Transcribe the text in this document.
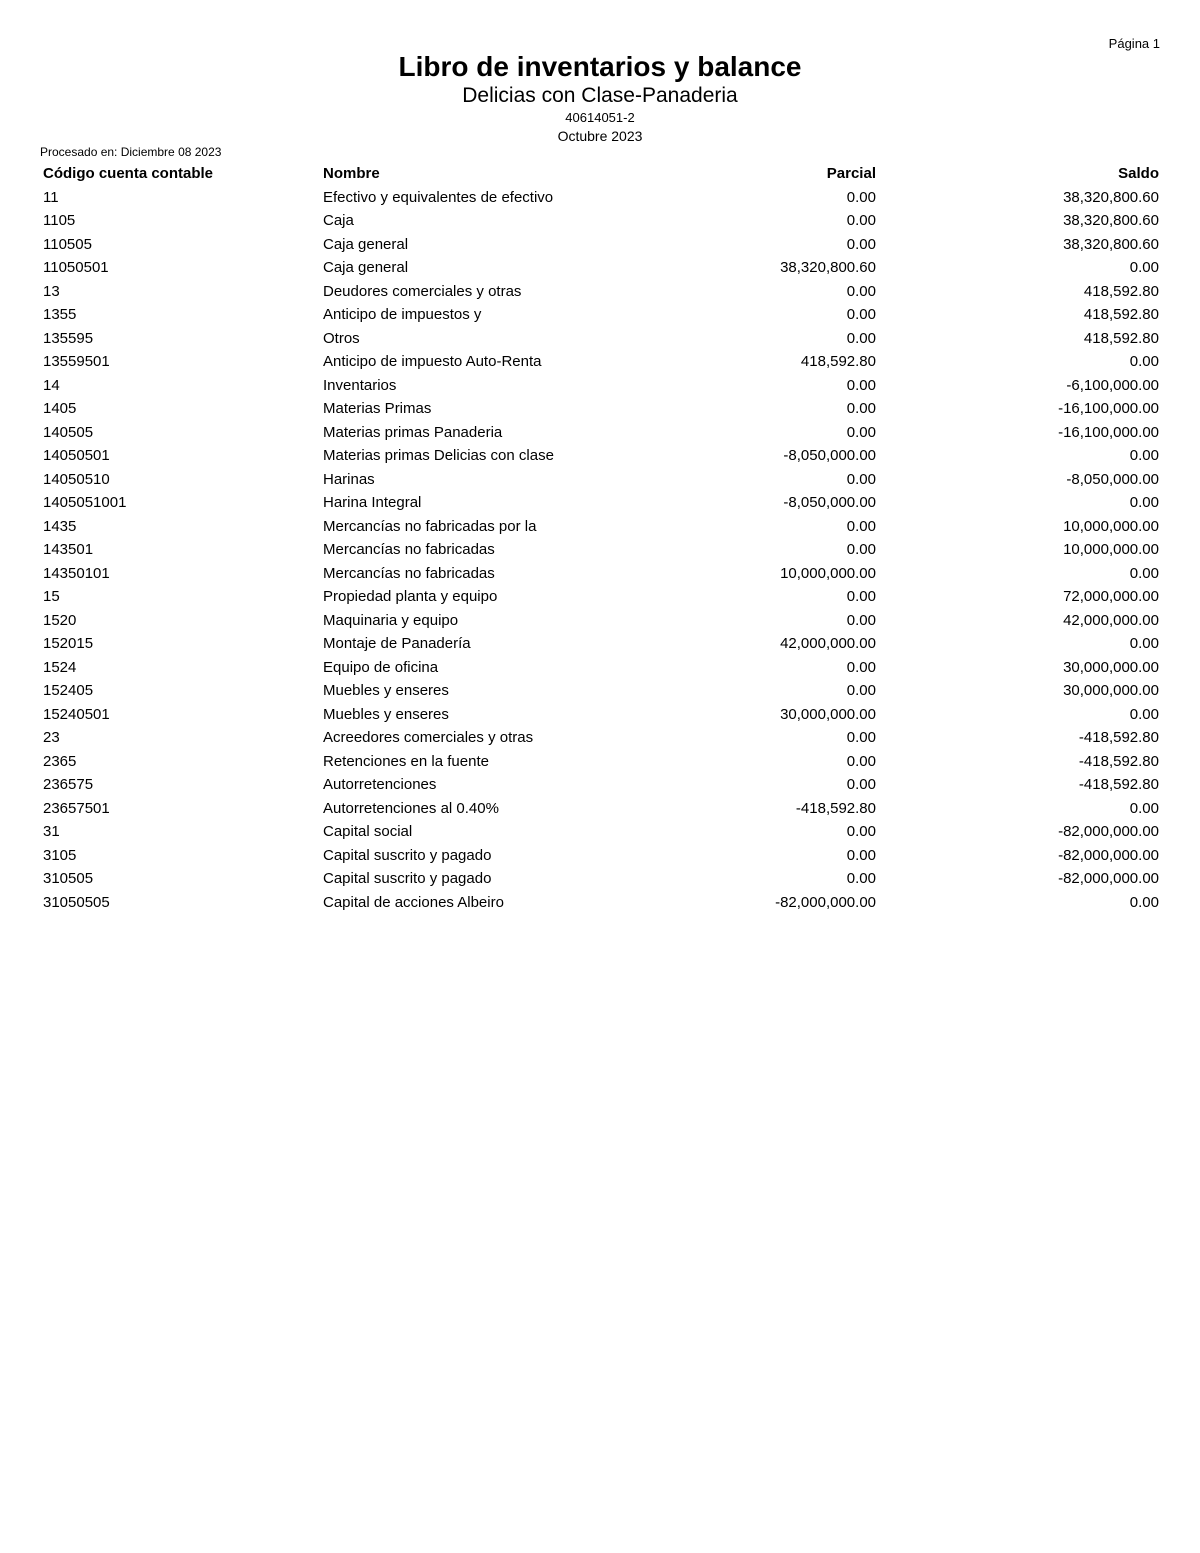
Página 1
Libro de inventarios y balance
Delicias con Clase-Panaderia
40614051-2
Octubre 2023
Procesado en: Diciembre 08 2023
Código cuenta contable	Nombre	Parcial	Saldo
11	Efectivo y equivalentes de efectivo	0.00	38,320,800.60
1105	Caja	0.00	38,320,800.60
110505	Caja general	0.00	38,320,800.60
11050501	Caja general	38,320,800.60	0.00
13	Deudores comerciales y otras	0.00	418,592.80
1355	Anticipo de impuestos y	0.00	418,592.80
135595	Otros	0.00	418,592.80
13559501	Anticipo de impuesto Auto-Renta	418,592.80	0.00
14	Inventarios	0.00	-6,100,000.00
1405	Materias Primas	0.00	-16,100,000.00
140505	Materias primas Panaderia	0.00	-16,100,000.00
14050501	Materias primas Delicias con clase	-8,050,000.00	0.00
14050510	Harinas	0.00	-8,050,000.00
1405051001	Harina Integral	-8,050,000.00	0.00
1435	Mercancías no fabricadas por la	0.00	10,000,000.00
143501	Mercancías no fabricadas	0.00	10,000,000.00
14350101	Mercancías no fabricadas	10,000,000.00	0.00
15	Propiedad planta y equipo	0.00	72,000,000.00
1520	Maquinaria y equipo	0.00	42,000,000.00
152015	Montaje de Panadería	42,000,000.00	0.00
1524	Equipo de oficina	0.00	30,000,000.00
152405	Muebles y enseres	0.00	30,000,000.00
15240501	Muebles y enseres	30,000,000.00	0.00
23	Acreedores comerciales y otras	0.00	-418,592.80
2365	Retenciones en la fuente	0.00	-418,592.80
236575	Autorretenciones	0.00	-418,592.80
23657501	Autorretenciones al 0.40%	-418,592.80	0.00
31	Capital social	0.00	-82,000,000.00
3105	Capital suscrito y pagado	0.00	-82,000,000.00
310505	Capital suscrito y pagado	0.00	-82,000,000.00
31050505	Capital de acciones Albeiro	-82,000,000.00	0.00
